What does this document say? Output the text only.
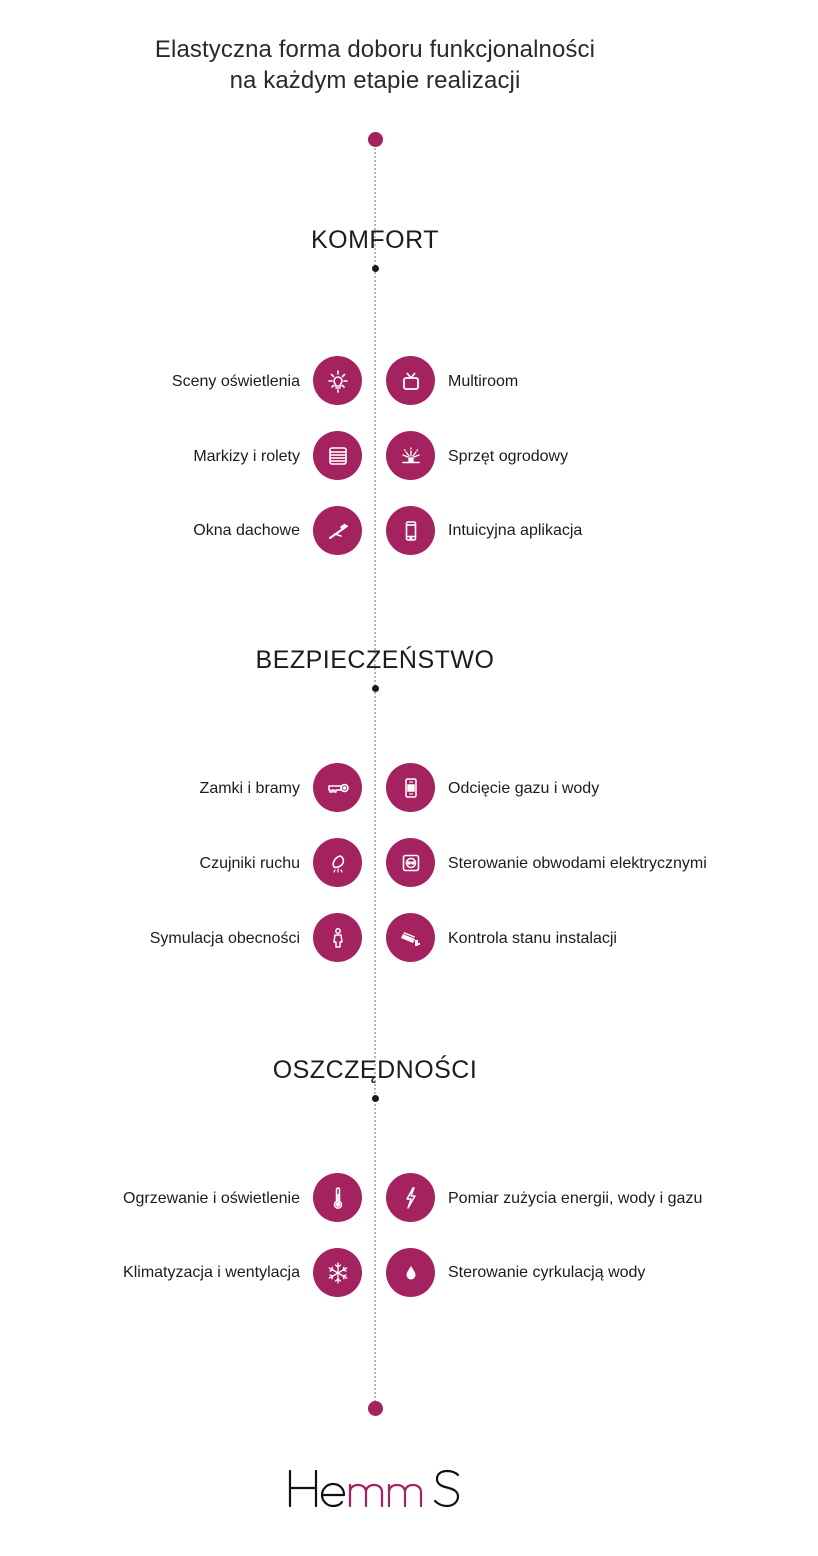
Elastyczna forma doboru funkcjonalności
na każdym etapie realizacji
KOMFORT
Sceny oświetlenia	Multiroom
Markizy i rolety	Sprzęt ogrodowy
Okna dachowe	Intuicyjna aplikacja
BEZPIECZEŃSTWO
Zamki i bramy	Odcięcie gazu i wody
Czujniki ruchu	Sterowanie obwodami elektrycznymi
Symulacja obecności	Kontrola stanu instalacji
OSZCZĘDNOŚCI
Ogrzewanie i oświetlenie	Pomiar zużycia energii, wody i gazu
Klimatyzacja i wentylacja	Sterowanie cyrkulacją wody
